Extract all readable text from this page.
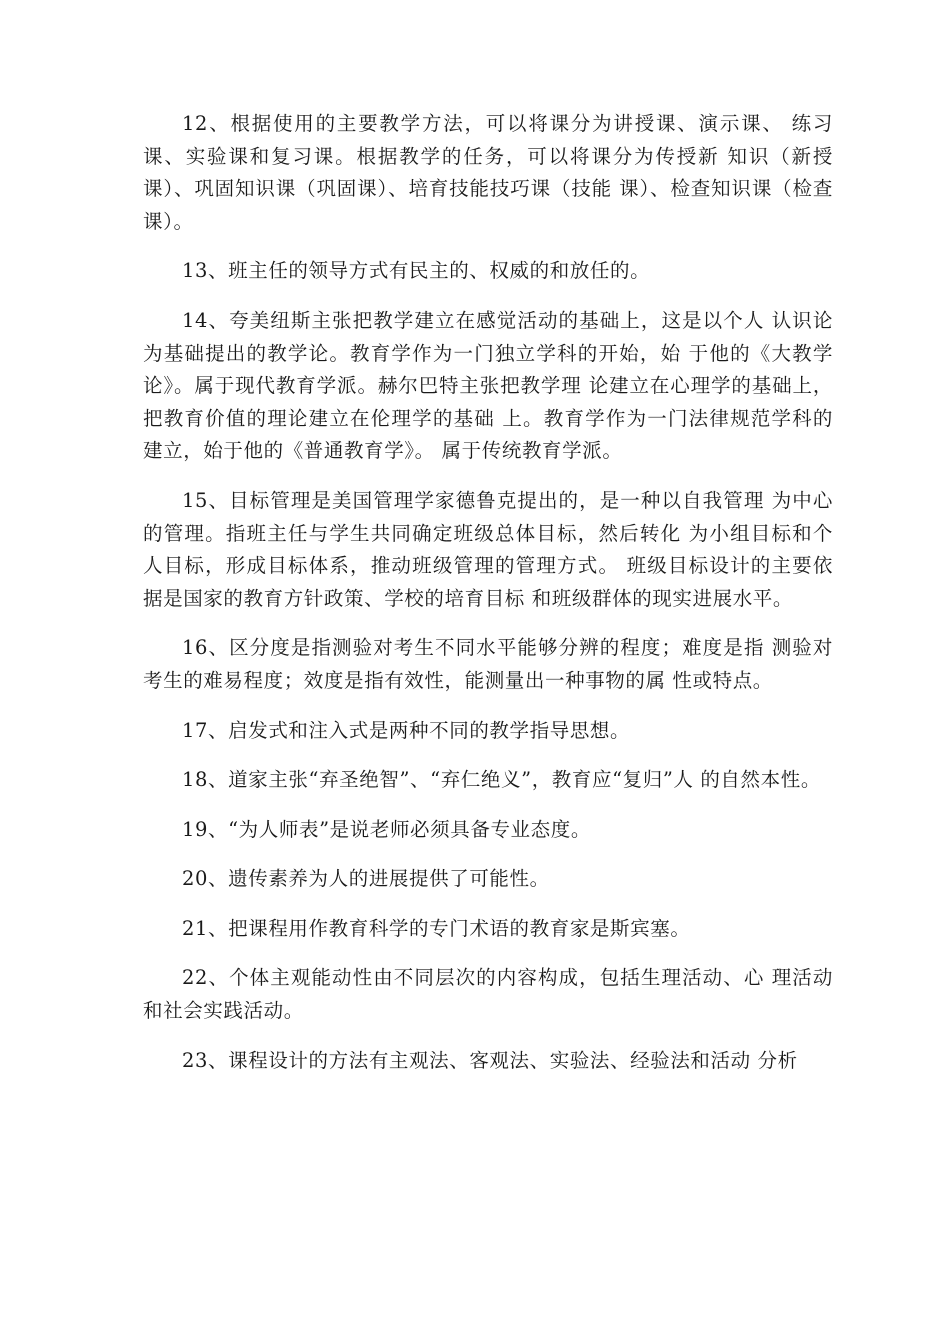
12、根据使用的主要教学方法，可以将课分为讲授课、演示课、 练习课、实验课和复习课。根据教学的任务，可以将课分为传授新 知识（新授课）、巩固知识课（巩固课）、培育技能技巧课（技能 课）、检查知识课（检查课）。

13、班主任的领导方式有民主的、权威的和放任的。

14、夸美纽斯主张把教学建立在感觉活动的基础上，这是以个人 认识论为基础提出的教学论。教育学作为一门独立学科的开始，始 于他的《大教学论》。属于现代教育学派。赫尔巴特主张把教学理 论建立在心理学的基础上，把教育价值的理论建立在伦理学的基础 上。教育学作为一门法律规范学科的建立，始于他的《普通教育学》。 属于传统教育学派。

15、目标管理是美国管理学家德鲁克提出的，是一种以自我管理 为中心的管理。指班主任与学生共同确定班级总体目标，然后转化 为小组目标和个人目标，形成目标体系，推动班级管理的管理方式。 班级目标设计的主要依据是国家的教育方针政策、学校的培育目标 和班级群体的现实进展水平。

16、区分度是指测验对考生不同水平能够分辨的程度；难度是指 测验对考生的难易程度；效度是指有效性，能测量出一种事物的属 性或特点。

17、启发式和注入式是两种不同的教学指导思想。

18、道家主张“弃圣绝智”、“弃仁绝义”，教育应“复归”人 的自然本性。

19、“为人师表”是说老师必须具备专业态度。

20、遗传素养为人的进展提供了可能性。

21、把课程用作教育科学的专门术语的教育家是斯宾塞。

22、个体主观能动性由不同层次的内容构成，包括生理活动、心 理活动和社会实践活动。

23、课程设计的方法有主观法、客观法、实验法、经验法和活动 分析
